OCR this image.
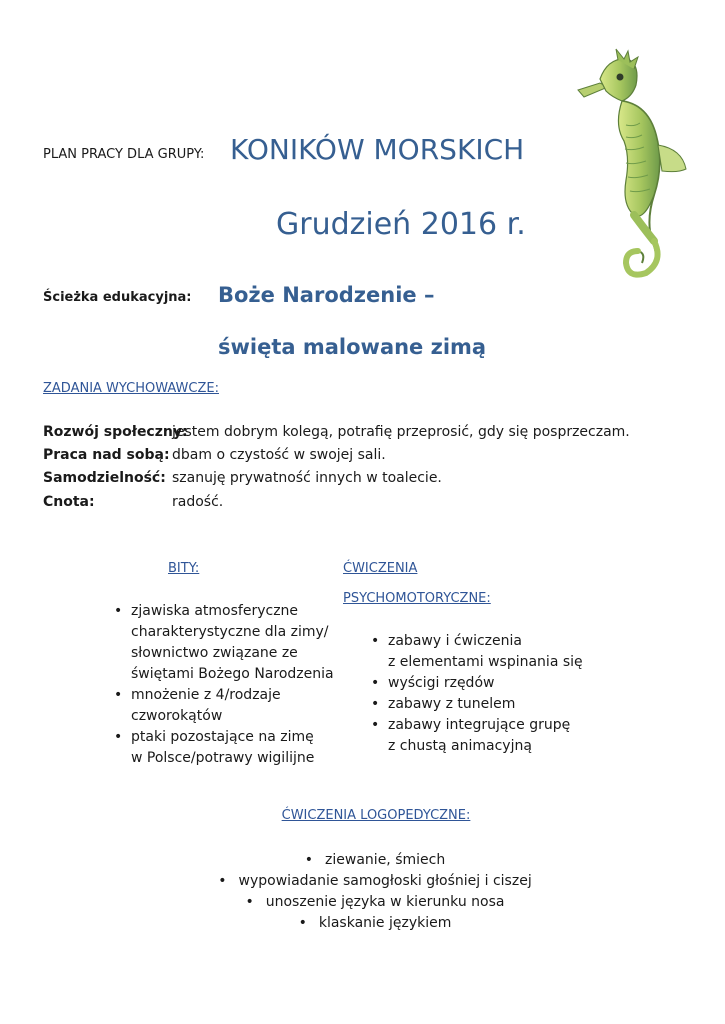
PLAN PRACY DLA GRUPY: KONIKÓW MORSKICH
Grudzień 2016 r.
Ścieżka edukacyjna: Boże Narodzenie –
święta malowane zimą
ZADANIA WYCHOWAWCZE:
Rozwój społeczny:
jestem dobrym kolegą, potrafię przeprosić, gdy się posprzeczam.
Praca nad sobą: dbam o czystość w swojej sali.
Samodzielność: szanuję prywatność innych w toalecie.
Cnota:	radość.
BITY:
• zjawiska atmosferyczne
charakterystyczne dla zimy/
słownictwo związane ze
świętami Bożego Narodzenia
• mnożenie z 4/rodzaje
czworokątów
• ptaki pozostające na zimę
w Polsce/potrawy wigilijne
ĆWICZENIA
PSYCHOMOTORYCZNE:
• zabawy i ćwiczenia
z elementami wspinania się
• wyścigi rzędów
• zabawy z tunelem
• zabawy integrujące grupę
z chustą animacyjną
ĆWICZENIA LOGOPEDYCZNE:
• ziewanie, śmiech
• wypowiadanie samogłoski głośniej i ciszej
• unoszenie języka w kierunku nosa
• klaskanie językiem
